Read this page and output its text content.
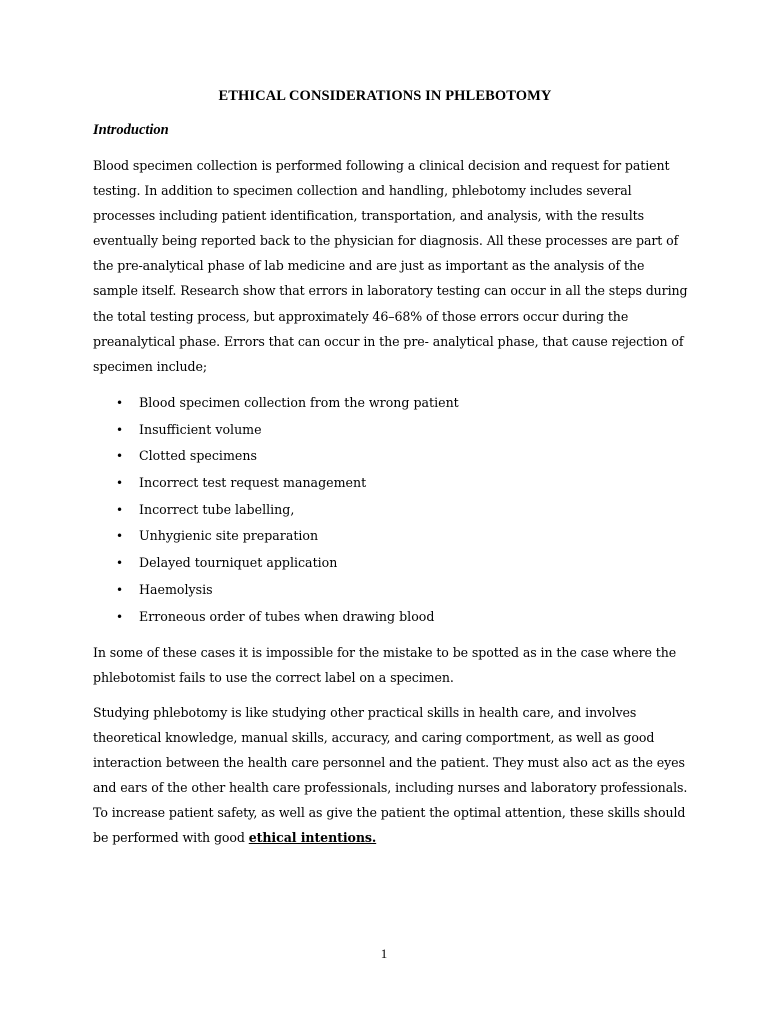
ETHICAL CONSIDERATIONS IN PHLEBOTOMY
Introduction

Blood specimen collection is performed following a clinical decision and request for patient
testing. In addition to specimen collection and handling, phlebotomy includes several
processes including patient identification, transportation, and analysis, with the results
eventually being reported back to the physician for diagnosis. All these processes are part of
the pre-analytical phase of lab medicine and are just as important as the analysis of the
sample itself. Research show that errors in laboratory testing can occur in all the steps during
the total testing process, but approximately 46–68% of those errors occur during the
preanalytical phase. Errors that can occur in the pre- analytical phase, that cause rejection of
specimen include;

• Blood specimen collection from the wrong patient
• Insufficient volume
• Clotted specimens
• Incorrect test request management
• Incorrect tube labelling,
• Unhygienic site preparation
• Delayed tourniquet application
• Haemolysis
• Erroneous order of tubes when drawing blood

In some of these cases it is impossible for the mistake to be spotted as in the case where the
phlebotomist fails to use the correct label on a specimen.

Studying phlebotomy is like studying other practical skills in health care, and involves
theoretical knowledge, manual skills, accuracy, and caring comportment, as well as good
interaction between the health care personnel and the patient. They must also act as the eyes
and ears of the other health care professionals, including nurses and laboratory professionals.
To increase patient safety, as well as give the patient the optimal attention, these skills should
be performed with good ethical intentions.

1
